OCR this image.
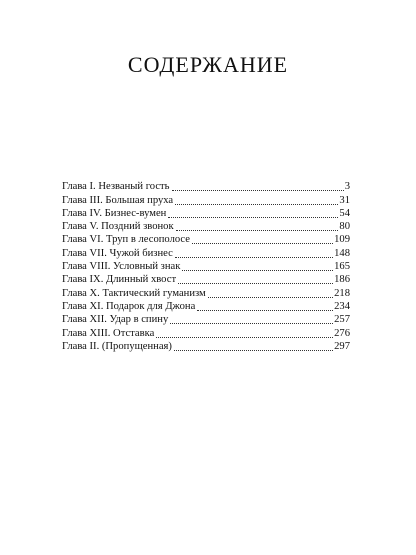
СОДЕРЖАНИЕ
Глава I. Незваный гость	3
Глава III. Большая пруха	31
Глава IV. Бизнес-вумен	54
Глава V. Поздний звонок	80
Глава VI. Труп в лесополосе	109
Глава VII. Чужой бизнес	148
Глава VIII. Условный знак	165
Глава IX. Длинный хвост	186
Глава X. Тактический гуманизм	218
Глава XI. Подарок для Джона	234
Глава XII. Удар в спину	257
Глава XIII. Отставка	276
Глава II. (Пропущенная)	297
